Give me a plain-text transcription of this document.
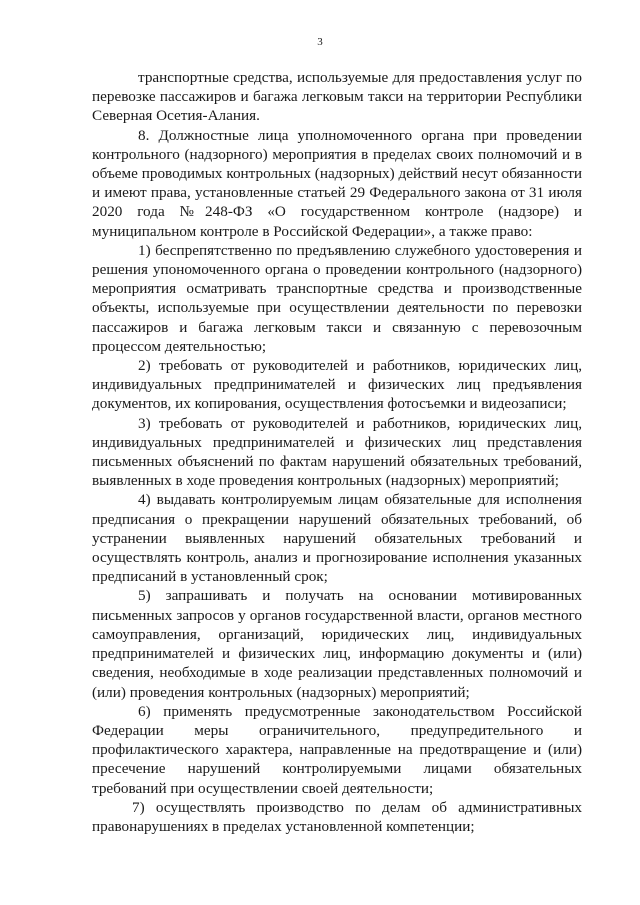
3

транспортные средства, используемые для предоставления услуг по перевозке пассажиров и багажа легковым такси на территории Республики Северная Осетия-Алания.

8. Должностные лица уполномоченного органа при проведении контрольного (надзорного) мероприятия в пределах своих полномочий и в объеме проводимых контрольных (надзорных) действий несут обязанности и имеют права, установленные статьей 29 Федерального закона от 31 июля 2020 года №248-ФЗ «О государственном контроле (надзоре) и муниципальном контроле в Российской Федерации», а также право:

1) беспрепятственно по предъявлению служебного удостоверения и решения упономоченного органа о проведении контрольного (надзорного) мероприятия осматривать транспортные средства и производственные объекты, используемые при осуществлении деятельности по перевозки пассажиров и багажа легковым такси и связанную с перевозочным процессом деятельностью;

2) требовать от руководителей и работников, юридических лиц, индивидуальных предпринимателей и физических лиц предъявления документов, их копирования, осуществления фотосъемки и видеозаписи;

3) требовать от руководителей и работников, юридических лиц, индивидуальных предпринимателей и физических лиц представления письменных объяснений по фактам нарушений обязательных требований, выявленных в ходе проведения контрольных (надзорных) мероприятий;

4) выдавать контролируемым лицам обязательные для исполнения предписания о прекращении нарушений обязательных требований, об устранении выявленных нарушений обязательных требований и осуществлять контроль, анализ и прогнозирование исполнения указанных предписаний в установленный срок;

5) запрашивать и получать на основании мотивированных письменных запросов у органов государственной власти, органов местного самоуправления, организаций, юридических лиц, индивидуальных предпринимателей и физических лиц, информацию документы и (или) сведения, необходимые в ходе реализации представленных полномочий и (или) проведения контрольных (надзорных) мероприятий;

6) применять предусмотренные законодательством Российской Федерации меры ограничительного, предупредительного и профилактического характера, направленные на предотвращение и (или) пресечение нарушений контролируемыми лицами обязательных требований при осуществлении своей деятельности;

7) осуществлять производство по делам об административных правонарушениях в пределах установленной компетенции;
